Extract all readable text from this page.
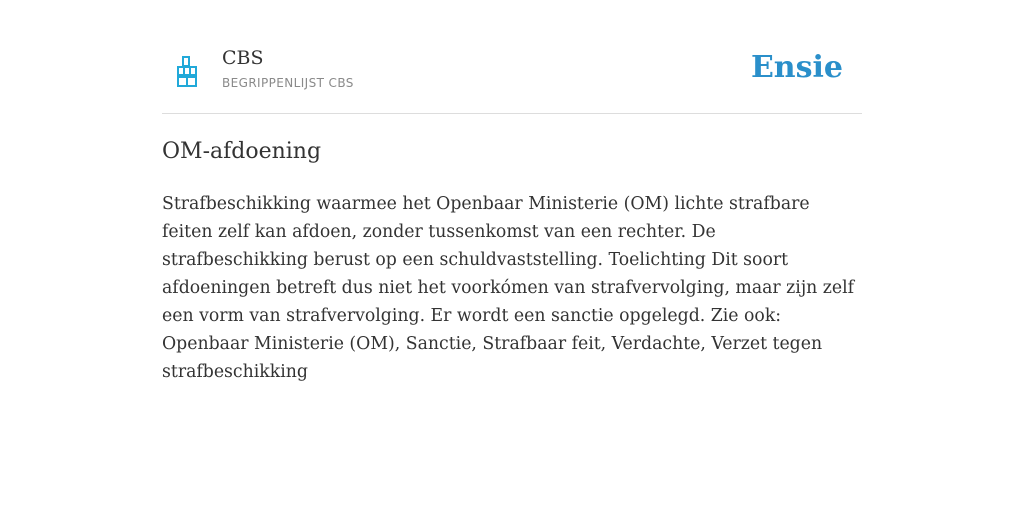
CBS
BEGRIPPENLIJST CBS	Ensie
OM-afdoening

Strafbeschikking waarmee het Openbaar Ministerie (OM) lichte strafbare feiten zelf kan afdoen, zonder tussenkomst van een rechter. De strafbeschikking berust op een schuldvaststelling. Toelichting Dit soort afdoeningen betreft dus niet het voorkómen van strafvervolging, maar zijn zelf een vorm van strafvervolging. Er wordt een sanctie opgelegd. Zie ook: Openbaar Ministerie (OM), Sanctie, Strafbaar feit, Verdachte, Verzet tegen strafbeschikking
